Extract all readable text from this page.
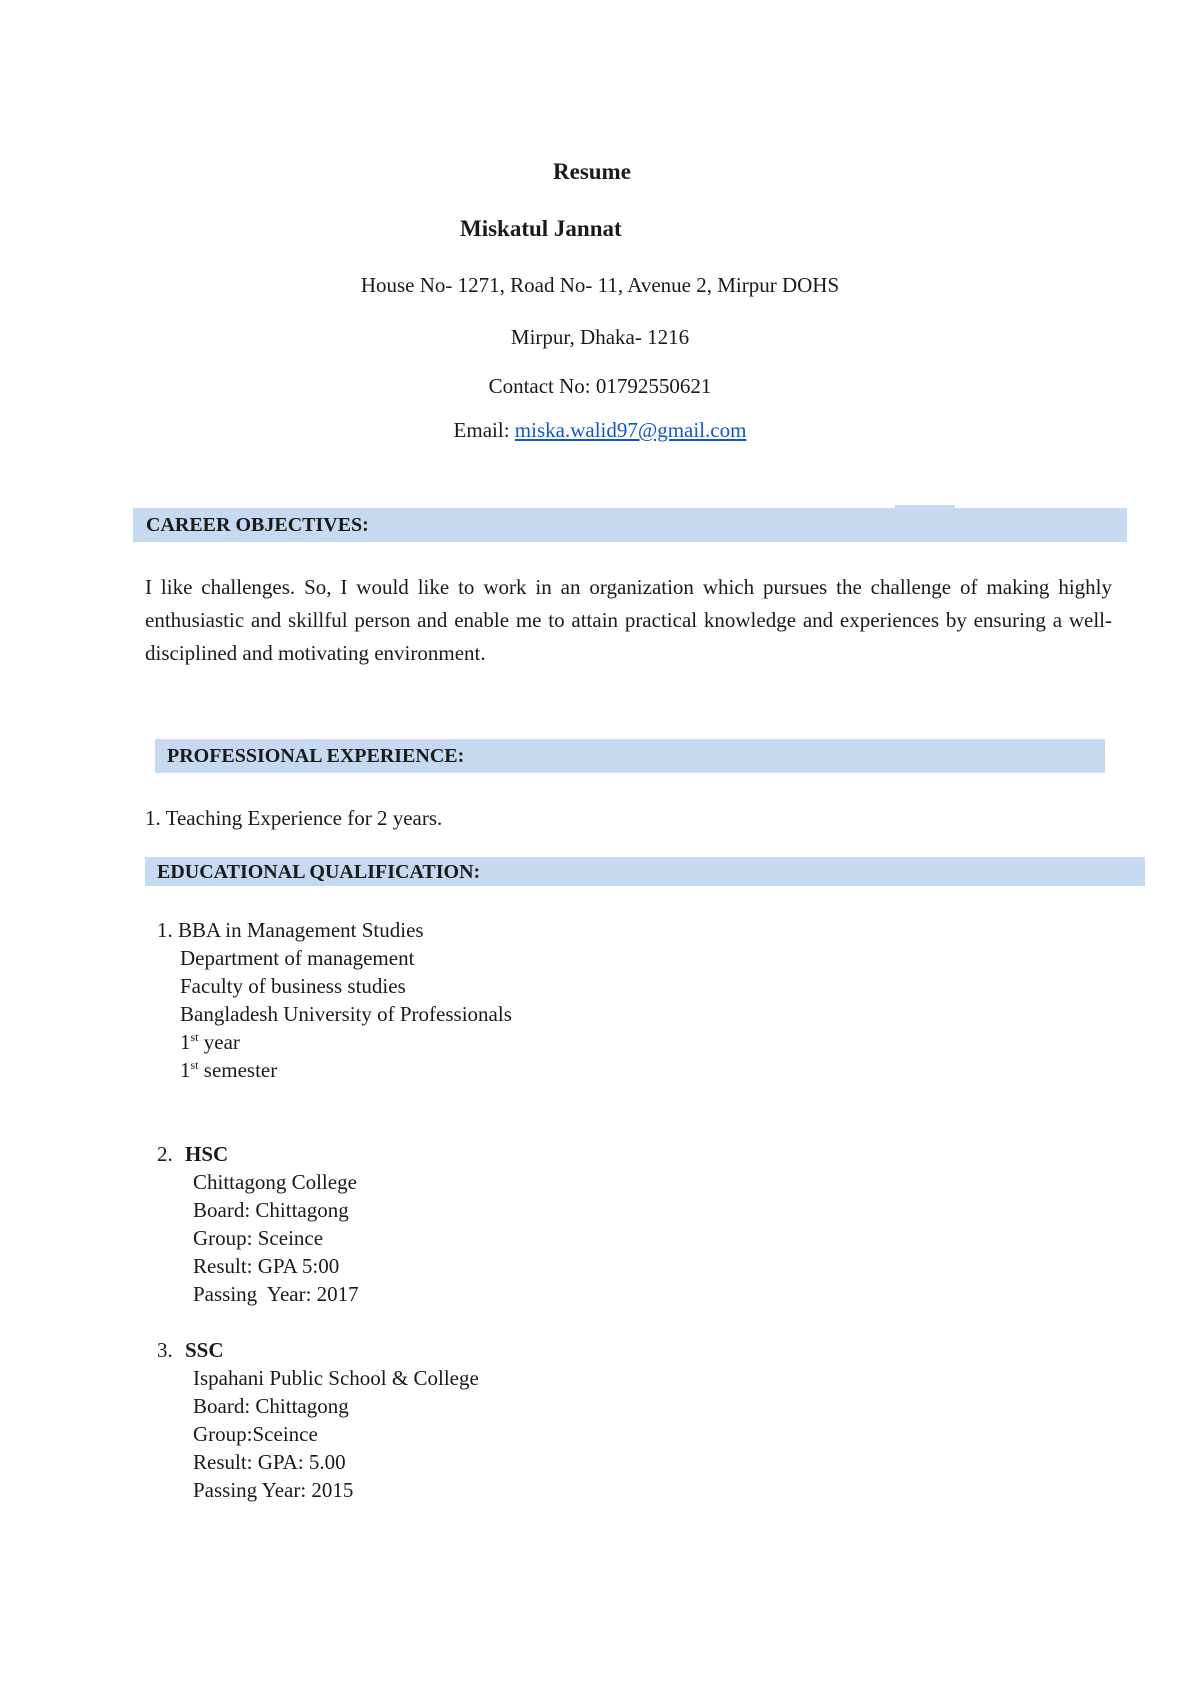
Resume
Miskatul Jannat
House No- 1271, Road No- 11, Avenue 2, Mirpur DOHS
Mirpur, Dhaka- 1216
Contact No: 01792550621
Email: miska.walid97@gmail.com
CAREER OBJECTIVES:
I like challenges. So, I would like to work in an organization which pursues the challenge of making highly enthusiastic and skillful person and enable me to attain practical knowledge and experiences by ensuring a well-disciplined and motivating environment.
PROFESSIONAL EXPERIENCE:
1. Teaching Experience for 2 years.
EDUCATIONAL QUALIFICATION:
1. BBA in Management Studies
Department of management
Faculty of business studies
Bangladesh University of Professionals
1st year
1st semester
2. HSC
Chittagong College
Board: Chittagong
Group: Sceince
Result: GPA 5:00
Passing  Year: 2017
3. SSC
Ispahani Public School & College
Board: Chittagong
Group:Sceince
Result: GPA: 5.00
Passing Year: 2015
